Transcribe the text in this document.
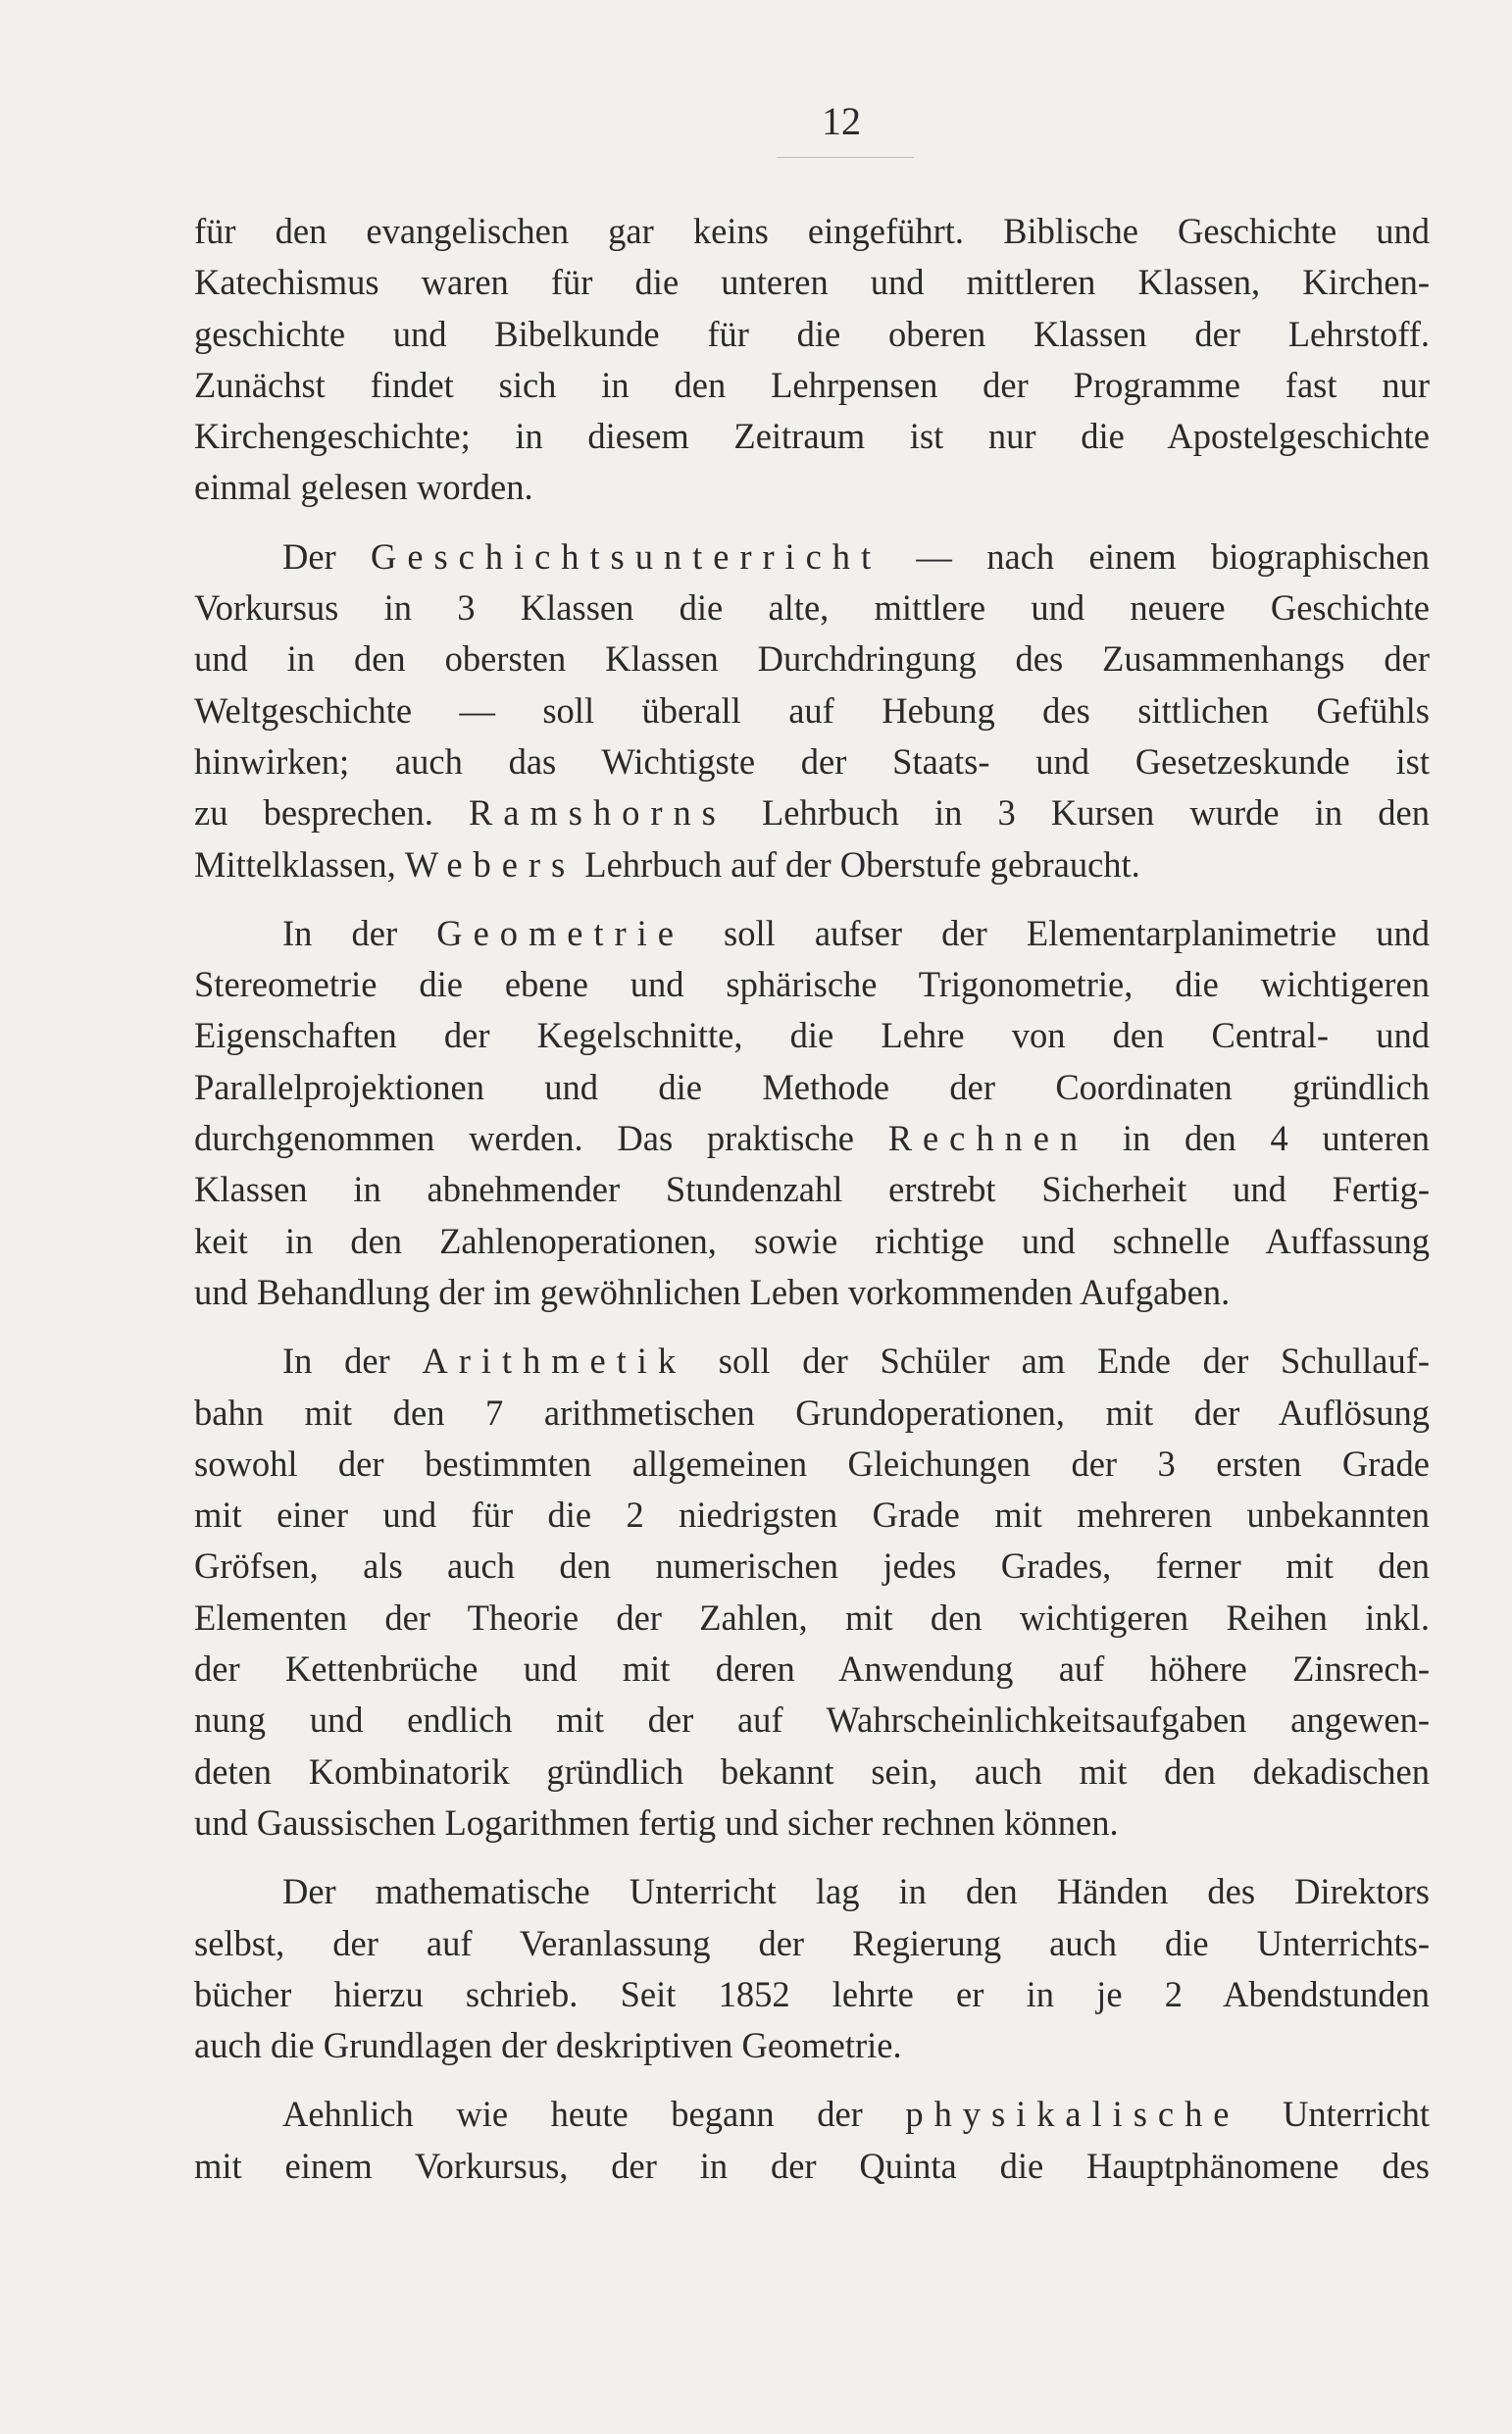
12
für den evangelischen gar keins eingeführt. Biblische Geschichte und
Katechismus waren für die unteren und mittleren Klassen, Kirchen-
geschichte und Bibelkunde für die oberen Klassen der Lehrstoff.
Zunächst findet sich in den Lehrpensen der Programme fast nur
Kirchengeschichte; in diesem Zeitraum ist nur die Apostelgeschichte
einmal gelesen worden.
Der Geschichtsunterricht — nach einem biographischen
Vorkursus in 3 Klassen die alte, mittlere und neuere Geschichte
und in den obersten Klassen Durchdringung des Zusammenhangs der
Weltgeschichte — soll überall auf Hebung des sittlichen Gefühls
hinwirken; auch das Wichtigste der Staats- und Gesetzeskunde ist
zu besprechen. Ramshorns Lehrbuch in 3 Kursen wurde in den
Mittelklassen, Webers Lehrbuch auf der Oberstufe gebraucht.
In der Geometrie soll aufser der Elementarplanimetrie und
Stereometrie die ebene und sphärische Trigonometrie, die wichtigeren
Eigenschaften der Kegelschnitte, die Lehre von den Central- und
Parallelprojektionen und die Methode der Coordinaten gründlich
durchgenommen werden. Das praktische Rechnen in den 4 unteren
Klassen in abnehmender Stundenzahl erstrebt Sicherheit und Fertig-
keit in den Zahlenoperationen, sowie richtige und schnelle Auffassung
und Behandlung der im gewöhnlichen Leben vorkommenden Aufgaben.
In der Arithmetik soll der Schüler am Ende der Schullauf-
bahn mit den 7 arithmetischen Grundoperationen, mit der Auflösung
sowohl der bestimmten allgemeinen Gleichungen der 3 ersten Grade
mit einer und für die 2 niedrigsten Grade mit mehreren unbekannten
Gröfsen, als auch den numerischen jedes Grades, ferner mit den
Elementen der Theorie der Zahlen, mit den wichtigeren Reihen inkl.
der Kettenbrüche und mit deren Anwendung auf höhere Zinsrech-
nung und endlich mit der auf Wahrscheinlichkeitsaufgaben angewen-
deten Kombinatorik gründlich bekannt sein, auch mit den dekadischen
und Gaussischen Logarithmen fertig und sicher rechnen können.
Der mathematische Unterricht lag in den Händen des Direktors
selbst, der auf Veranlassung der Regierung auch die Unterrichts-
bücher hierzu schrieb. Seit 1852 lehrte er in je 2 Abendstunden
auch die Grundlagen der deskriptiven Geometrie.
Aehnlich wie heute begann der physikalische Unterricht
mit einem Vorkursus, der in der Quinta die Hauptphänomene des
